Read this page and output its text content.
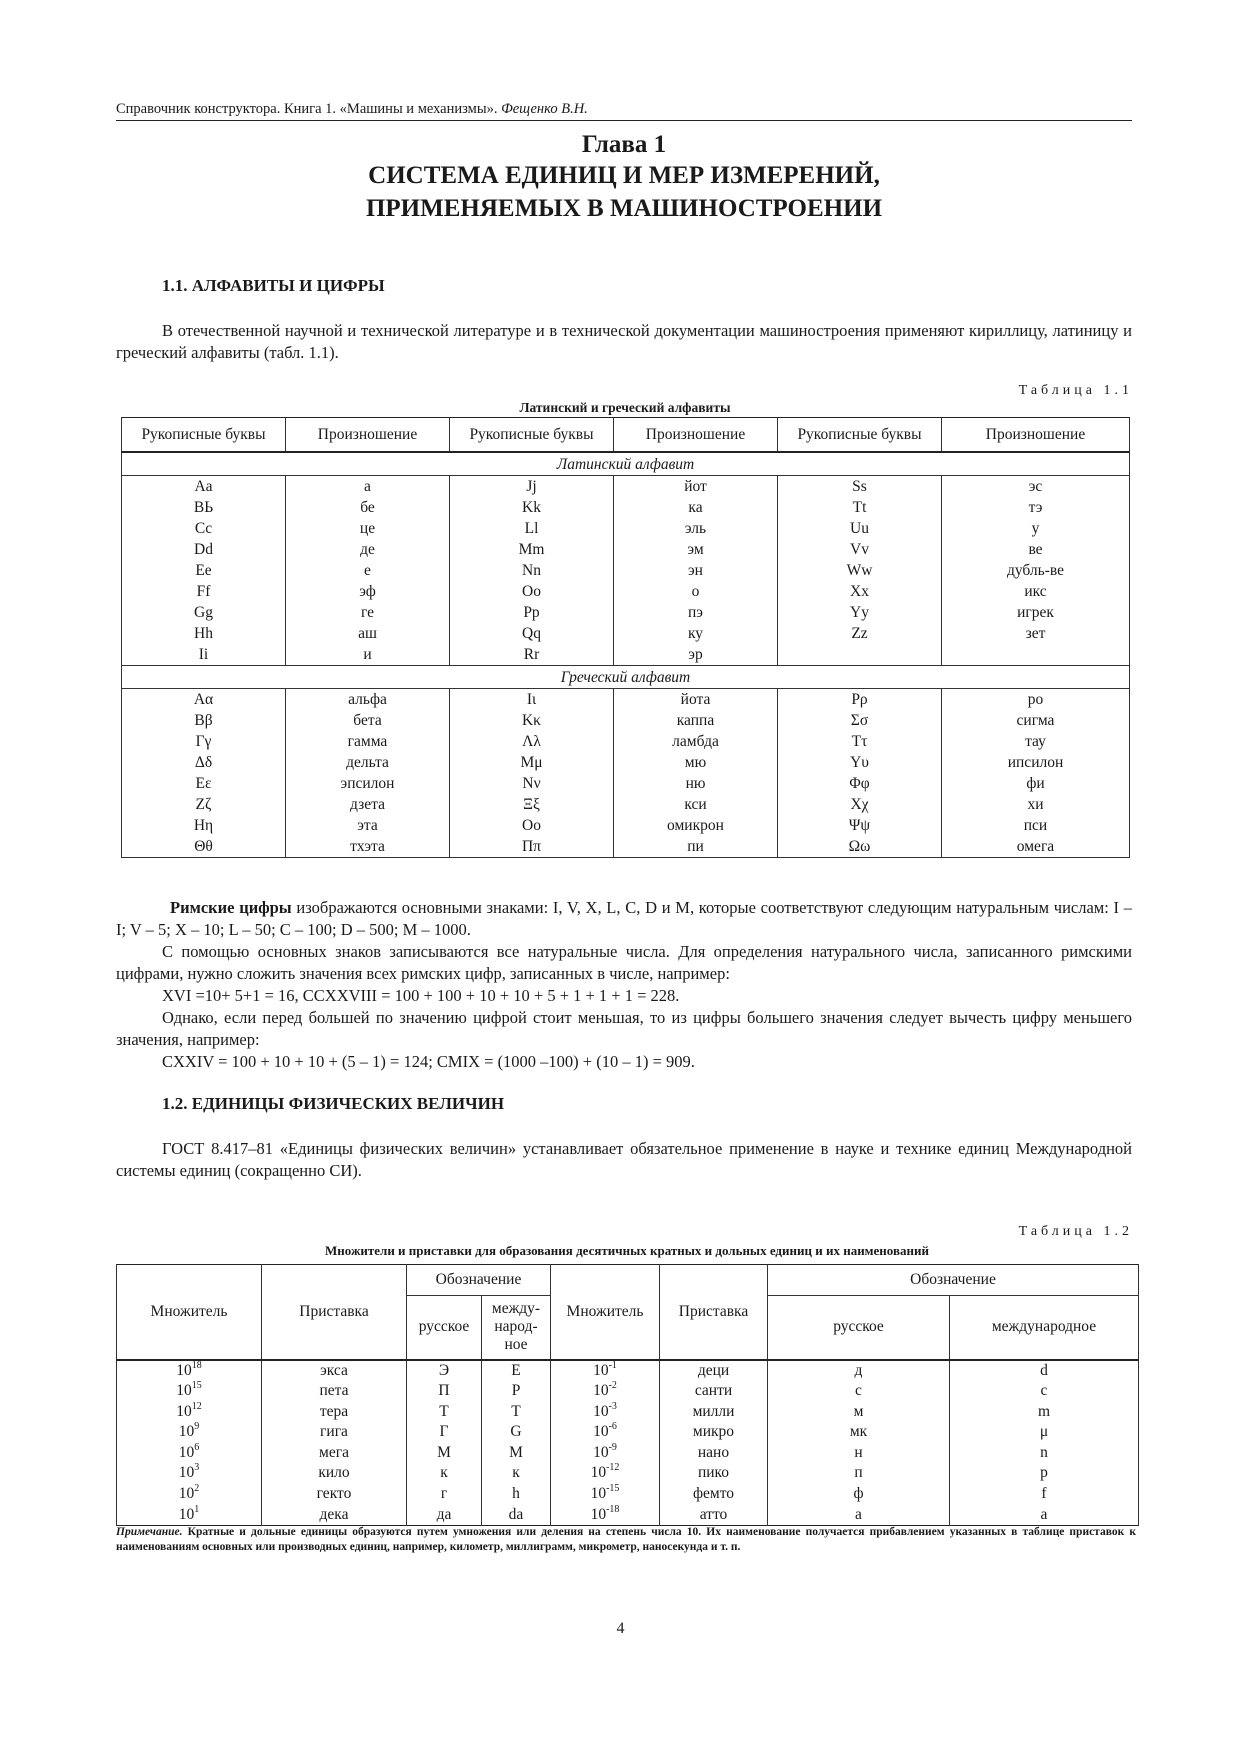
Справочник конструктора. Книга 1. «Машины и механизмы». Фещенко В.Н.
Глава 1
СИСТЕМА ЕДИНИЦ И МЕР ИЗМЕРЕНИЙ,
ПРИМЕНЯЕМЫХ В МАШИНОСТРОЕНИИ
1.1. АЛФАВИТЫ И ЦИФРЫ
В отечественной научной и технической литературе и в технической документации машиностроения применяют кириллицу, латиницу и греческий алфавиты (табл. 1.1).
Таблица 1.1
Латинский и греческий алфавиты
Рукописные буквы	Произношение	Рукописные буквы	Произношение	Рукописные буквы	Произношение
Латинский алфавит					
Aa	а	Jj	йот	Ss	эс
BЬ	бе	Kk	ка	Tt	тэ
Cc	це	Ll	эль	Uu	у
Dd	де	Mm	эм	Vv	ве
Ee	е	Nn	эн	Ww	дубль-ве
Ff	эф	Oo	о	Xx	икс
Gg	ге	Pp	пэ	Yy	игрек
Hh	аш	Qq	ку	Zz	зет
Ii	и	Rr	эр		
Греческий алфавит					
Αα	альфа	Ιι	йота	Ρρ	ро
Ββ	бета	Κκ	каппа	Σσ	сигма
Γγ	гамма	Λλ	ламбда	Ττ	тау
Δδ	дельта	Μμ	мю	Υυ	ипсилон
Εε	эпсилон	Νν	ню	Φφ	фи
Ζζ	дзета	Ξξ	кси	Χχ	хи
Ηη	эта	Οο	омикрон	Ψψ	пси
Θθ	тхэта	Ππ	пи	Ωω	омега
Римские цифры изображаются основными знаками: I, V, X, L, C, D и M, которые соответствуют следующим натуральным числам: I – I; V – 5; X – 10; L – 50; C – 100; D – 500; M – 1000.
С помощью основных знаков записываются все натуральные числа. Для определения натурального числа, записанного римскими цифрами, нужно сложить значения всех римских цифр, записанных в числе, например:
XVI =10+ 5+1 = 16, CCXXVIII = 100 + 100 + 10 + 10 + 5 + 1 + 1 + 1 = 228.
Однако, если перед большей по значению цифрой стоит меньшая, то из цифры большего значения следует вычесть цифру меньшего значения, например:
CXXIV = 100 + 10 + 10 + (5 – 1) = 124; CMIX = (1000 –100) + (10 – 1) = 909.
1.2. ЕДИНИЦЫ ФИЗИЧЕСКИХ ВЕЛИЧИН
ГОСТ 8.417–81 «Единицы физических величин» устанавливает обязательное применение в науке и технике единиц Международной системы единиц (сокращенно СИ).
Таблица 1.2
Множители и приставки для образования десятичных кратных и дольных единиц и их наименований
Множитель	Приставка	Обозначение		Множитель	Приставка	Обозначение	
		русское	между-народ-ное			русское	международное
$10^{18}$	экса	Э	E	$10^{-1}$	деци	д	d
$10^{15}$	пета	П	P	$10^{-2}$	санти	с	c
$10^{12}$	тера	Т	T	$10^{-3}$	милли	м	m
$10^9$	гига	Г	G	$10^{-6}$	микро	мк	μ
$10^6$	мега	М	M	$10^{-9}$	нано	н	n
$10^3$	кило	к	к	$10^{-12}$	пико	п	p
$10^2$	гекто	г	h	$10^{-15}$	фемто	ф	f
$10^1$	дека	да	da	$10^{-18}$	атто	а	a
Примечание. Кратные и дольные единицы образуются путем умножения или деления на степень числа 10. Их наименование получается прибавлением указанных в таблице приставок к наименованиям основных или производных единиц, например, километр, миллиграмм, микрометр, наносекунда и т. п.
4
